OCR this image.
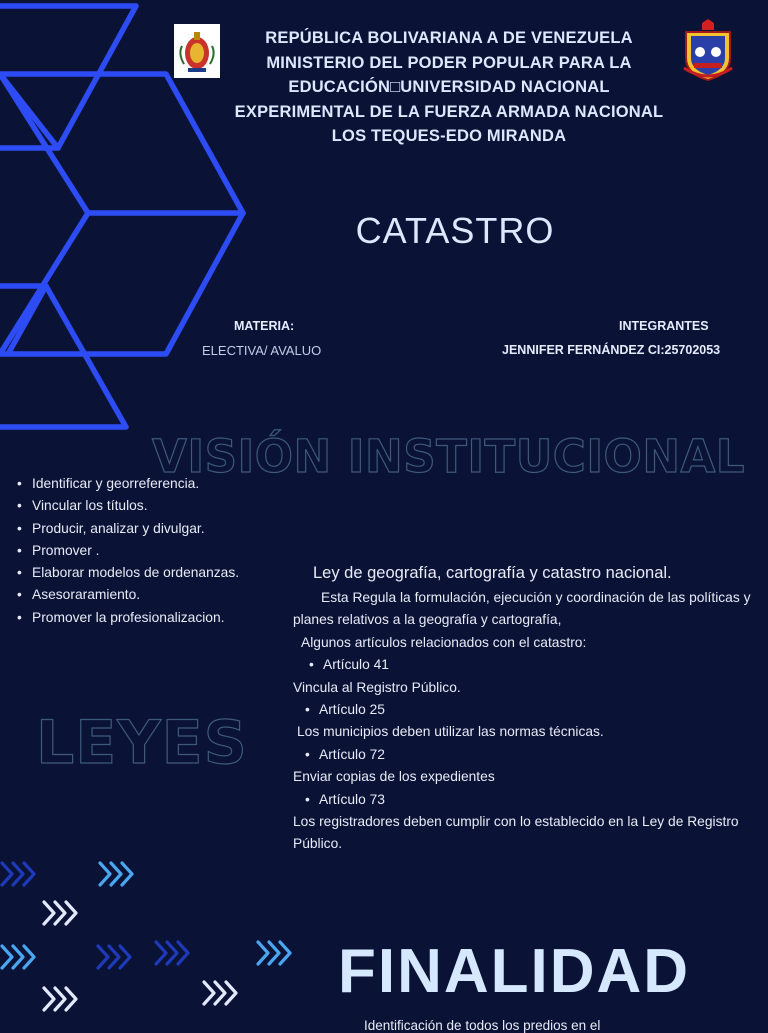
REPÚBLICA BOLIVARIANA A DE VENEZUELA
MINISTERIO DEL PODER POPULAR PARA LA
EDUCACIÓN□UNIVERSIDAD NACIONAL
EXPERIMENTAL DE LA FUERZA ARMADA NACIONAL
LOS TEQUES-EDO MIRANDA
CATASTRO
MATERIA:
ELECTIVA/ AVALUO
INTEGRANTES
JENNIFER FERNÁNDEZ CI:25702053
VISIÓN INSTITUCIONAL
• Identificar y georreferencia.
• Vincular los títulos.
• Producir, analizar y divulgar.
• Promover .
• Elaborar modelos de ordenanzas.
• Asesoraramiento.
• Promover la profesionalizacion.
LEYES
Ley de geografía, cartografía y catastro nacional.
Esta Regula la formulación, ejecución y coordinación de las políticas y planes relativos a la geografía y cartografía,
Algunos artículos relacionados con el catastro:
• Artículo 41
Vincula al Registro Público.
• Artículo 25
Los municipios deben utilizar las normas técnicas.
• Artículo 72
Enviar copias de los expedientes
• Artículo 73
Los registradores deben cumplir con lo establecido en la Ley de Registro Público.
FINALIDAD
Identificación de todos los predios en el
